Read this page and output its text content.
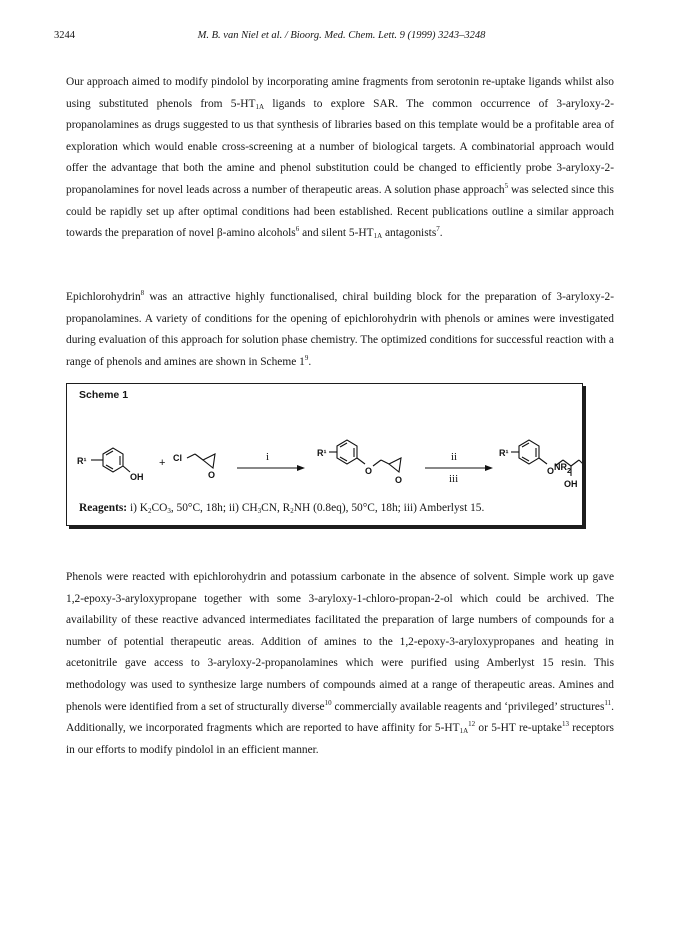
3244	M. B. van Niel et al. / Bioorg. Med. Chem. Lett. 9 (1999) 3243–3248

Our approach aimed to modify pindolol by incorporating amine fragments from serotonin re-uptake ligands whilst also using substituted phenols from $5-HT_{1A}$ ligands to explore SAR. The common occurrence of 3-aryloxy-2-propanolamines as drugs suggested to us that synthesis of libraries based on this template would be a profitable area of exploration which would enable cross-screening at a number of biological targets. A combinatorial approach would offer the advantage that both the amine and phenol substitution could be changed to efficiently probe 3-aryloxy-2-propanolamines for novel leads across a number of therapeutic areas. A solution phase approach$^5$ was selected since this could be rapidly set up after optimal conditions had been established. Recent publications outline a similar approach towards the preparation of novel β-amino alcohols$^6$ and silent $5-HT_{1A}$ antagonists$^7$.

Epichlorohydrin$^8$ was an attractive highly functionalised, chiral building block for the preparation of 3-aryloxy-2-propanolamines. A variety of conditions for the opening of epichlorohydrin with phenols or amines were investigated during evaluation of this approach for solution phase chemistry. The optimized conditions for successful reaction with a range of phenols and amines are shown in Scheme $1^9$.

Scheme 1

R¹
OH
+ Cl
O
i	R¹
O
O
ii
iii
R¹
O $NR_2$
OH

Reagents: i) $K_2CO_3$, 50°C, 18h; ii) $CH_3CN$, $R_2NH$ (0.8eq), 50°C, 18h; iii) Amberlyst 15.

Phenols were reacted with epichlorohydrin and potassium carbonate in the absence of solvent. Simple work up gave 1,2-epoxy-3-aryloxypropane together with some 3-aryloxy-1-chloro-propan-2-ol which could be archived. The availability of these reactive advanced intermediates facilitated the preparation of large numbers of compounds for a number of potential therapeutic areas. Addition of amines to the 1,2-epoxy-3-aryloxypropanes and heating in acetonitrile gave access to 3-aryloxy-2-propanolamines which were purified using Amberlyst 15 resin. This methodology was used to synthesize large numbers of compounds aimed at a range of therapeutic areas. Amines and phenols were identified from a set of structurally diverse$^{10}$ commercially available reagents and ‘privileged’ structures$^{11}$. Additionally, we incorporated fragments which are reported to have affinity for $5-HT_{1A}^{12}$ or 5-HT re-uptake$^{13}$ receptors in our efforts to modify pindolol in an efficient manner.
